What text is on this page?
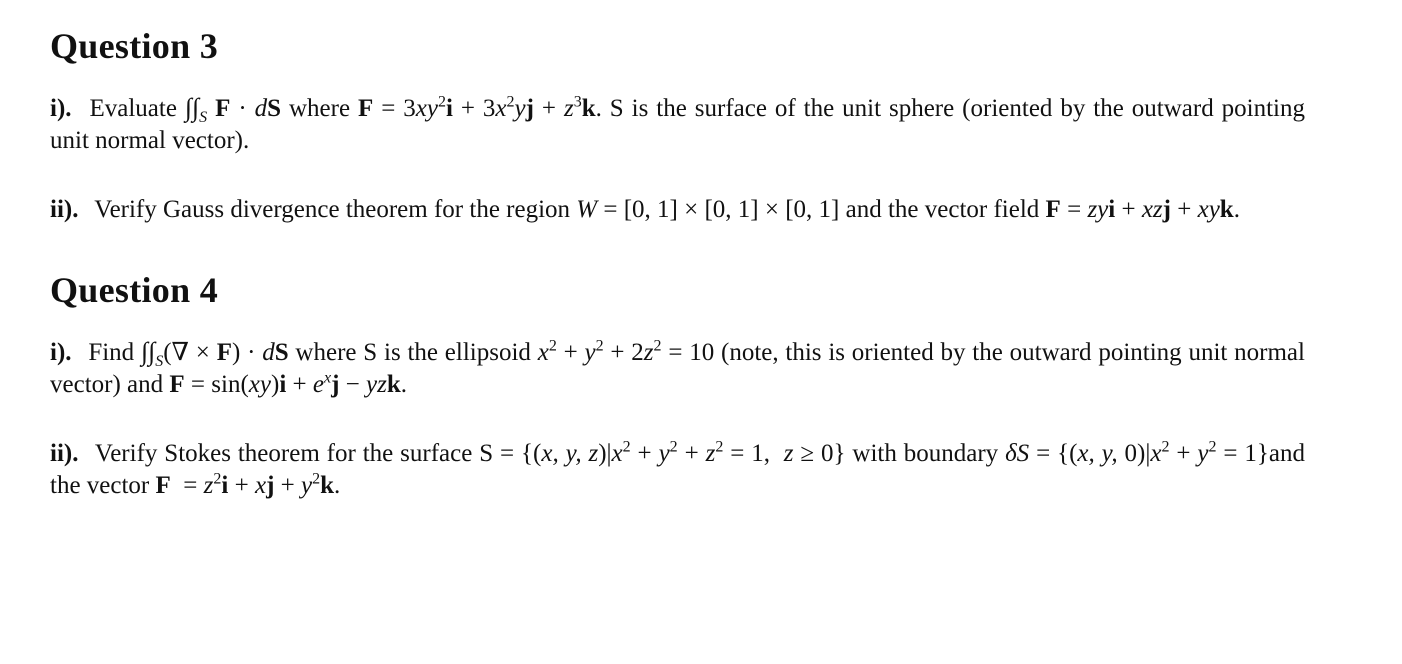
Question 3

i). Evaluate $\int\int_S$ F · dS where $F = 3xy^2i + 3x^2yj + z^3k$. S is the surface of the unit sphere (oriented by the outward pointing unit normal vector).

ii). Verify Gauss divergence theorem for the region W = [0, 1] × [0, 1] × [0, 1] and the vector field F = zyi + xzj + xyk.

Question 4

i). Find $\int\int_S(\nabla \times F)$ · dS where S is the ellipsoid $x^2 + y^2 + 2z^2 = 10$ (note, this is oriented by the outward pointing unit normal vector) and $F = \sin(xy)i + e^xj$ − yzk.

ii). Verify Stokes theorem for the surface S = {(x, y, $z)|x^2 + y^2 + z^2 = 1$,  z ≥ 0} with boundary δS = {(x, y, $0)|x^2 + y^2 = 1\}and$ the vector $F = z^2i$ + xj + $y^2k$.
